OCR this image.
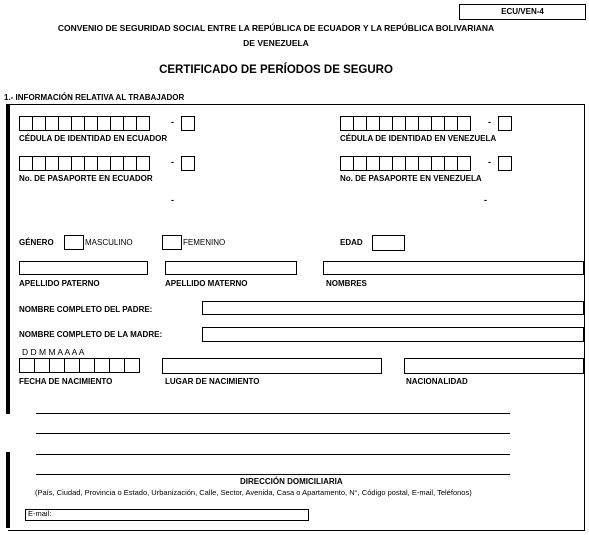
ECU/VEN-4
CONVENIO DE SEGURIDAD SOCIAL ENTRE LA REPÚBLICA DE ECUADOR Y LA REPÚBLICA BOLIVARIANA
DE VENEZUELA
CERTIFICADO DE PERÍODOS DE SEGURO
1.- INFORMACIÓN RELATIVA AL TRABAJADOR
-
CÉDULA DE IDENTIDAD EN ECUADOR
-
CÉDULA DE IDENTIDAD EN VENEZUELA
-
No. DE PASAPORTE EN ECUADOR
-
-
No. DE PASAPORTE EN VENEZUELA
-
GÉNERO	MASCULINO	FEMENINO	EDAD
APELLIDO PATERNO	APELLIDO MATERNO	NOMBRES
NOMBRE COMPLETO DEL PADRE:
NOMBRE COMPLETO DE LA MADRE:
D D M M A A A A
FECHA DE NACIMIENTO	LUGAR DE NACIMIENTO	NACIONALIDAD
DIRECCIÓN DOMICILIARIA
(País, Ciudad, Provincia o Estado, Urbanización, Calle, Sector, Avenida, Casa o Apartamento, N°, Código postal, E-mail, Teléfonos)
E-mail:
